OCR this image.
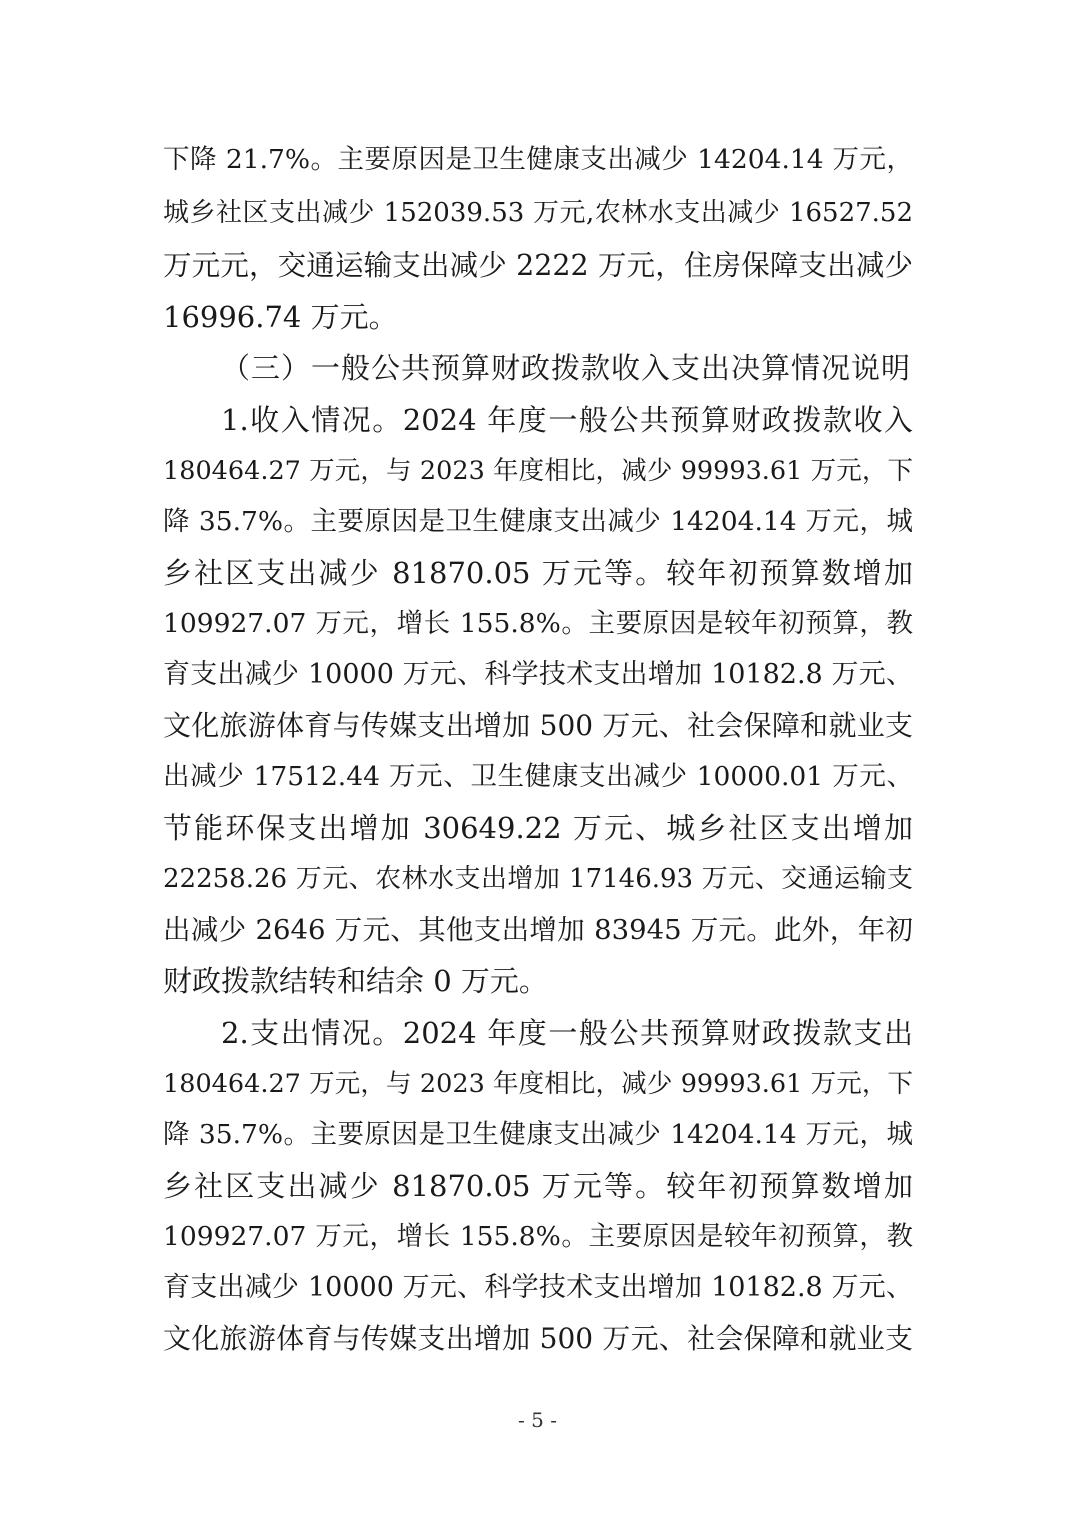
下降 21.7%。主要原因是卫生健康支出减少 14204.14 万元，
城乡社区支出减少 152039.53 万元,农林水支出减少 16527.52
万元元，交通运输支出减少 2222 万元，住房保障支出减少
16996.74 万元。
（三）一般公共预算财政拨款收入支出决算情况说明
1.收入情况。2024 年度一般公共预算财政拨款收入
180464.27 万元，与 2023 年度相比，减少 99993.61 万元，下
降 35.7%。主要原因是卫生健康支出减少 14204.14 万元，城
乡社区支出减少 81870.05 万元等。较年初预算数增加
109927.07 万元，增长 155.8%。主要原因是较年初预算，教
育支出减少 10000 万元、科学技术支出增加 10182.8 万元、
文化旅游体育与传媒支出增加 500 万元、社会保障和就业支
出减少 17512.44 万元、卫生健康支出减少 10000.01 万元、
节能环保支出增加 30649.22 万元、城乡社区支出增加
22258.26 万元、农林水支出增加 17146.93 万元、交通运输支
出减少 2646 万元、其他支出增加 83945 万元。此外，年初
财政拨款结转和结余 0 万元。
2.支出情况。2024 年度一般公共预算财政拨款支出
180464.27 万元，与 2023 年度相比，减少 99993.61 万元，下
降 35.7%。主要原因是卫生健康支出减少 14204.14 万元，城
乡社区支出减少 81870.05 万元等。较年初预算数增加
109927.07 万元，增长 155.8%。主要原因是较年初预算，教
育支出减少 10000 万元、科学技术支出增加 10182.8 万元、
文化旅游体育与传媒支出增加 500 万元、社会保障和就业支
- 5 -
